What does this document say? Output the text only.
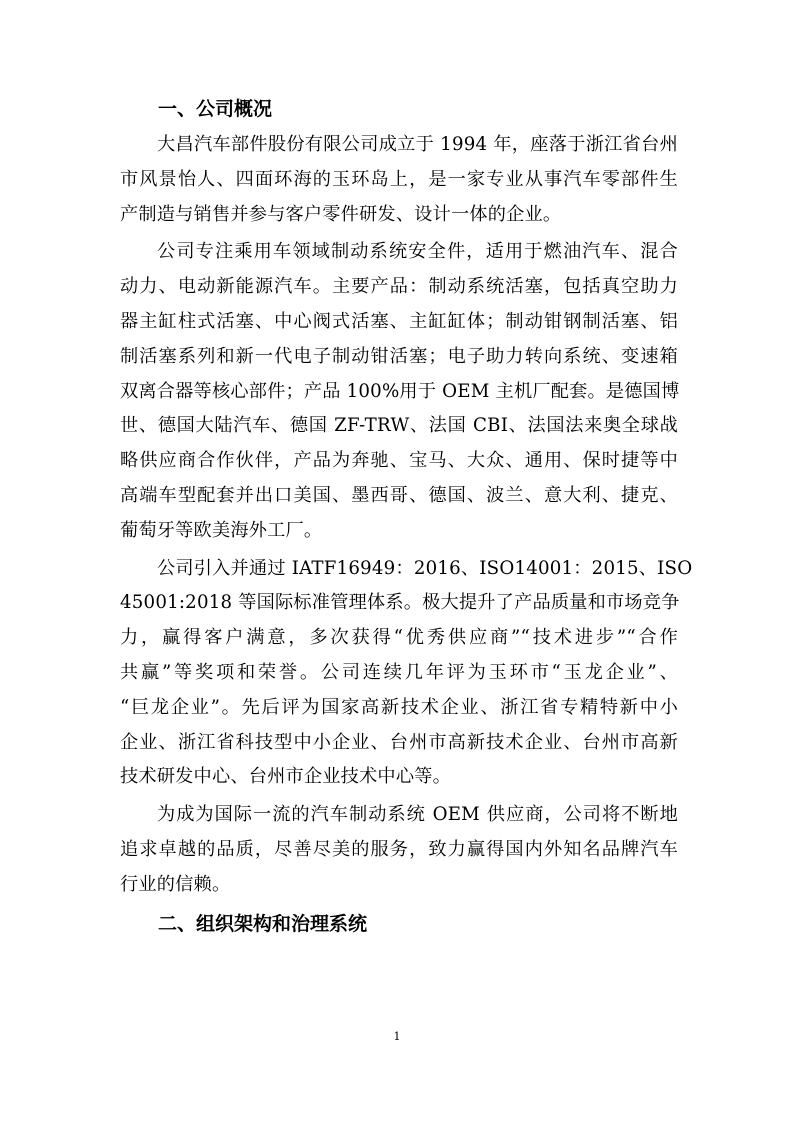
一、公司概况
大昌汽车部件股份有限公司成立于 1994 年，座落于浙江省台州
市风景怡人、四面环海的玉环岛上，是一家专业从事汽车零部件生
产制造与销售并参与客户零件研发、设计一体的企业。
公司专注乘用车领域制动系统安全件，适用于燃油汽车、混合
动力、电动新能源汽车。主要产品：制动系统活塞，包括真空助力
器主缸柱式活塞、中心阀式活塞、主缸缸体；制动钳钢制活塞、铝
制活塞系列和新一代电子制动钳活塞；电子助力转向系统、变速箱
双离合器等核心部件；产品 100%用于 OEM 主机厂配套。是德国博
世、德国大陆汽车、德国 ZF-TRW、法国 CBI、法国法来奥全球战
略供应商合作伙伴，产品为奔驰、宝马、大众、通用、保时捷等中
高端车型配套并出口美国、墨西哥、德国、波兰、意大利、捷克、
葡萄牙等欧美海外工厂。
公司引入并通过 IATF16949：2016、ISO14001：2015、ISO
45001:2018 等国际标准管理体系。极大提升了产品质量和市场竞争
力，赢得客户满意，多次获得“优秀供应商”“技术进步”“合作
共赢”等奖项和荣誉。公司连续几年评为玉环市“玉龙企业”、
“巨龙企业”。先后评为国家高新技术企业、浙江省专精特新中小
企业、浙江省科技型中小企业、台州市高新技术企业、台州市高新
技术研发中心、台州市企业技术中心等。
为成为国际一流的汽车制动系统 OEM 供应商，公司将不断地
追求卓越的品质，尽善尽美的服务，致力赢得国内外知名品牌汽车
行业的信赖。
二、组织架构和治理系统
1
